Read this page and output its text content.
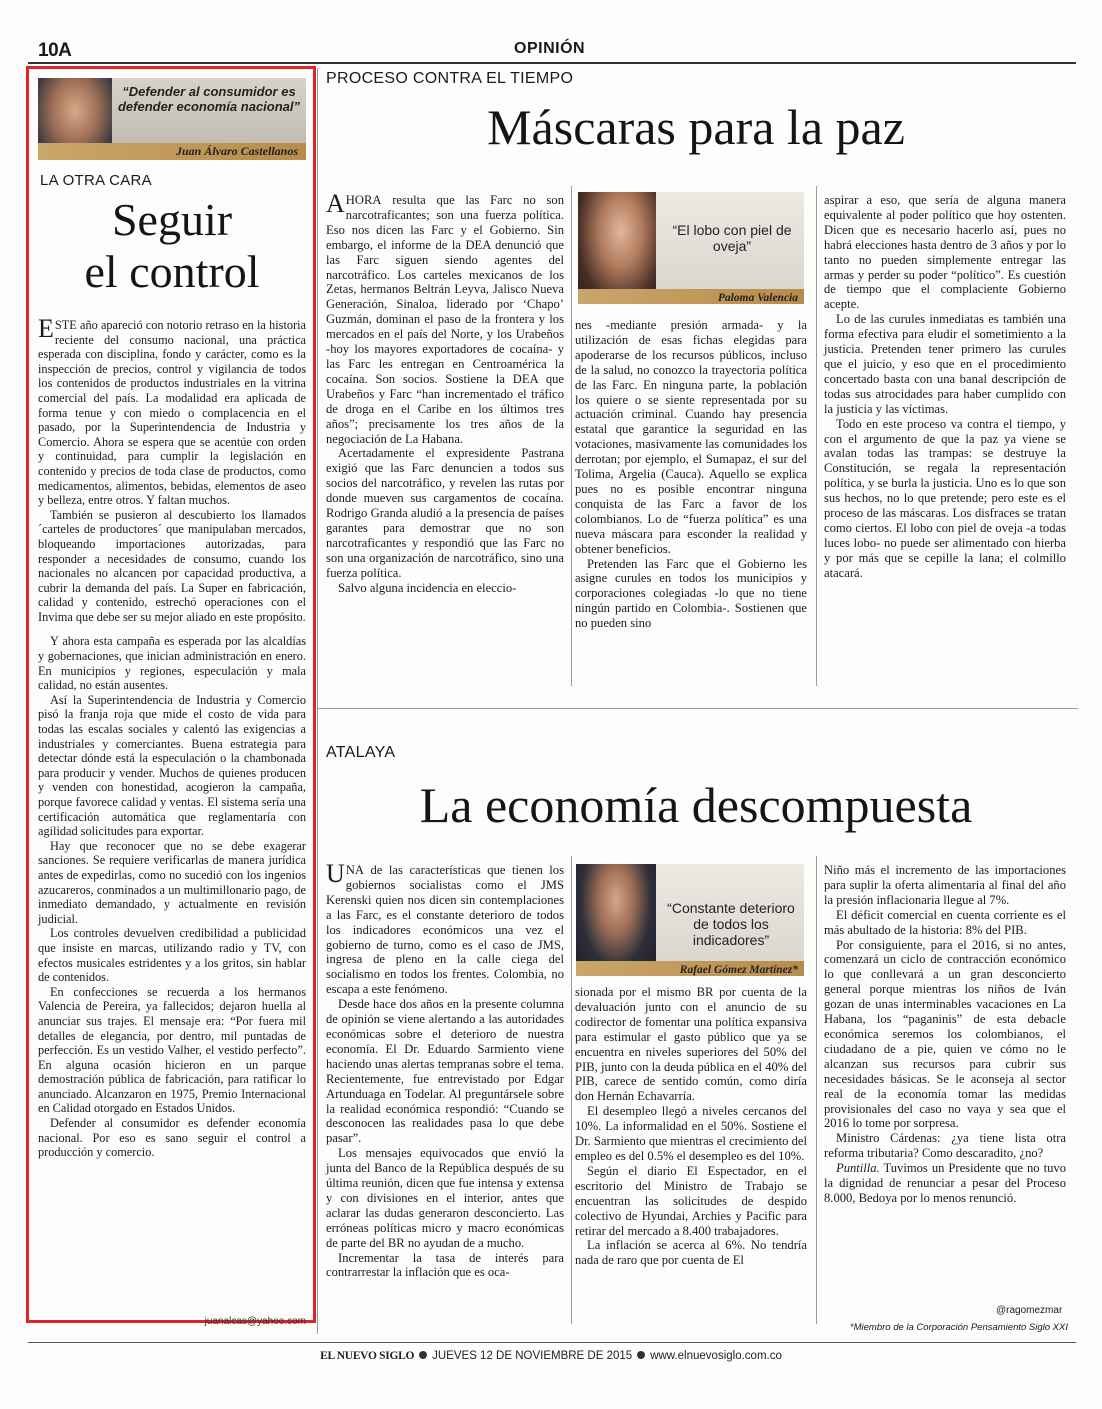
10A	OPINIÓN
“Defender al consumidor es defender economía nacional”
Juan Álvaro Castellanos
LA OTRA CARA
Seguir
el control

ESTE año apareció con notorio retraso en la historia reciente del consumo nacional, una práctica esperada con disciplina, fondo y carácter, como es la inspección de precios, control y vigilancia de todos los contenidos de productos industriales en la vitrina comercial del país. La modalidad era aplicada de forma tenue y con miedo o complacencia en el pasado, por la Superintendencia de Industria y Comercio. Ahora se espera que se acentúe con orden y continuidad, para cumplir la legislación en contenido y precios de toda clase de productos, como medicamentos, alimentos, bebidas, elementos de aseo y belleza, entre otros. Y faltan muchos.

También se pusieron al descubierto los llamados ´carteles de productores´ que manipulaban mercados, bloqueando importaciones autorizadas, para responder a necesidades de consumo, cuando los nacionales no alcancen por capacidad productiva, a cubrir la demanda del país. La Super en fabricación, calidad y contenido, estrechó operaciones con el Invima que debe ser su mejor aliado en este propósito.

Y ahora esta campaña es esperada por las alcaldías y gobernaciones, que inician administración en enero. En municipios y regiones, especulación y mala calidad, no están ausentes.

Así la Superintendencia de Industria y Comercio pisó la franja roja que mide el costo de vida para todas las escalas sociales y calentó las exigencias a industriales y comerciantes. Buena estrategia para detectar dónde está la especulación o la chambonada para producir y vender. Muchos de quienes producen y venden con honestidad, acogieron la campaña, porque favorece calidad y ventas. El sistema sería una certificación automática que reglamentaría con agilidad solicitudes para exportar.

Hay que reconocer que no se debe exagerar sanciones. Se requiere verificarlas de manera jurídica antes de expedirlas, como no sucedió con los ingenios azucareros, conminados a un multimillonario pago, de inmediato demandado, y actualmente en revisión judicial.

Los controles devuelven credibilidad a publicidad que insiste en marcas, utilizando radio y TV, con efectos musicales estridentes y a los gritos, sin hablar de contenidos.

En confecciones se recuerda a los hermanos Valencia de Pereira, ya fallecidos; dejaron huella al anunciar sus trajes. El mensaje era: “Por fuera mil detalles de elegancia, por dentro, mil puntadas de perfección. Es un vestido Valher, el vestido perfecto”. En alguna ocasión hicieron en un parque demostración pública de fabricación, para ratificar lo anunciado. Alcanzaron en 1975, Premio Internacional en Calidad otorgado en Estados Unidos.

Defender al consumidor es defender economía nacional. Por eso es sano seguir el control a producción y comercio.

juanalcas@yahoo.com
PROCESO CONTRA EL TIEMPO
Máscaras para la paz

AHORA resulta que las Farc no son narcotraficantes; son una fuerza política. Eso nos dicen las Farc y el Gobierno. Sin embargo, el informe de la DEA denunció que las Farc siguen siendo agentes del narcotráfico. Los carteles mexicanos de los Zetas, hermanos Beltrán Leyva, Jalisco Nueva Generación, Sinaloa, liderado por ‘Chapo’ Guzmán, dominan el paso de la frontera y los mercados en el país del Norte, y los Urabeños -hoy los mayores exportadores de cocaína- y las Farc les entregan en Centroamérica la cocaína. Son socios. Sostiene la DEA que Urabeños y Farc “han incrementado el tráfico de droga en el Caribe en los últimos tres años”; precisamente los tres años de la negociación de La Habana.

Acertadamente el expresidente Pastrana exigió que las Farc denuncien a todos sus socios del narcotráfico, y revelen las rutas por donde mueven sus cargamentos de cocaína. Rodrigo Granda aludió a la presencia de países garantes para demostrar que no son narcotraficantes y respondió que las Farc no son una organización de narcotráfico, sino una fuerza política.

Salvo alguna incidencia en eleccio-

“El lobo con piel de oveja”
Paloma Valencia

nes -mediante presión armada- y la utilización de esas fichas elegidas para apoderarse de los recursos públicos, incluso de la salud, no conozco la trayectoria política de las Farc. En ninguna parte, la población los quiere o se siente representada por su actuación criminal. Cuando hay presencia estatal que garantice la seguridad en las votaciones, masivamente las comunidades los derrotan; por ejemplo, el Sumapaz, el sur del Tolima, Argelia (Cauca). Aquello se explica pues no es posible encontrar ninguna conquista de las Farc a favor de los colombianos. Lo de “fuerza política” es una nueva máscara para esconder la realidad y obtener beneficios.

Pretenden las Farc que el Gobierno les asigne curules en todos los municipios y corporaciones colegiadas -lo que no tiene ningún partido en Colombia-. Sostienen que no pueden sino

aspirar a eso, que sería de alguna manera equivalente al poder político que hoy ostenten. Dicen que es necesario hacerlo así, pues no habrá elecciones hasta dentro de 3 años y por lo tanto no pueden simplemente entregar las armas y perder su poder “político”. Es cuestión de tiempo que el complaciente Gobierno acepte.

Lo de las curules inmediatas es también una forma efectiva para eludir el sometimiento a la justicia. Pretenden tener primero las curules que el juicio, y eso que en el procedimiento concertado basta con una banal descripción de todas sus atrocidades para haber cumplido con la justicia y las víctimas.

Todo en este proceso va contra el tiempo, y con el argumento de que la paz ya viene se avalan todas las trampas: se destruye la Constitución, se regala la representación política, y se burla la justicia. Uno es lo que son sus hechos, no lo que pretende; pero este es el proceso de las máscaras. Los disfraces se tratan como ciertos. El lobo con piel de oveja -a todas luces lobo- no puede ser alimentado con hierba y por más que se cepille la lana; el colmillo atacará.

ATALAYA
La economía descompuesta

UNA de las características que tienen los gobiernos socialistas como el JMS Kerenski quien nos dicen sin contemplaciones a las Farc, es el constante deterioro de todos los indicadores económicos una vez el gobierno de turno, como es el caso de JMS, ingresa de pleno en la calle ciega del socialismo en todos los frentes. Colombia, no escapa a este fenómeno.

Desde hace dos años en la presente columna de opinión se viene alertando a las autoridades económicas sobre el deterioro de nuestra economía. El Dr. Eduardo Sarmiento viene haciendo unas alertas tempranas sobre el tema. Recientemente, fue entrevistado por Edgar Artunduaga en Todelar. Al preguntársele sobre la realidad económica respondió: “Cuando se desconocen las realidades pasa lo que debe pasar”.

Los mensajes equivocados que envió la junta del Banco de la República después de su última reunión, dicen que fue intensa y extensa y con divisiones en el interior, antes que aclarar las dudas generaron desconcierto. Las erróneas políticas micro y macro económicas de parte del BR no ayudan de a mucho.

Incrementar la tasa de interés para contrarrestar la inflación que es oca-

“Constante deterioro de todos los indicadores”
Rafael Gómez Martínez*

sionada por el mismo BR por cuenta de la devaluación junto con el anuncio de su codirector de fomentar una política expansiva para estimular el gasto público que ya se encuentra en niveles superiores del 50% del PIB, junto con la deuda pública en el 40% del PIB, carece de sentido común, como diría don Hernán Echavarría.

El desempleo llegó a niveles cercanos del 10%. La informalidad en el 50%. Sostiene el Dr. Sarmiento que mientras el crecimiento del empleo es del 0.5% el desempleo es del 10%.

Según el diario El Espectador, en el escritorio del Ministro de Trabajo se encuentran las solicitudes de despido colectivo de Hyundai, Archies y Pacific para retirar del mercado a 8.400 trabajadores.

La inflación se acerca al 6%. No tendría nada de raro que por cuenta de El

Niño más el incremento de las importaciones para suplir la oferta alimentaria al final del año la presión inflacionaria llegue al 7%.

El déficit comercial en cuenta corriente es el más abultado de la historia: 8% del PIB.

Por consiguiente, para el 2016, si no antes, comenzará un ciclo de contracción económico lo que conllevará a un gran desconcierto general porque mientras los niños de Iván gozan de unas interminables vacaciones en La Habana, los “paganinis” de esta debacle económica seremos los colombianos, el ciudadano de a pie, quien ve cómo no le alcanzan sus recursos para cubrir sus necesidades básicas. Se le aconseja al sector real de la economía tomar las medidas provisionales del caso no vaya y sea que el 2016 lo tome por sorpresa.

Ministro Cárdenas: ¿ya tiene lista otra reforma tributaria? Como descaradito, ¿no?

Puntilla. Tuvimos un Presidente que no tuvo la dignidad de renunciar a pesar del Proceso 8.000, Bedoya por lo menos renunció.

@ragomezmar
*Miembro de la Corporación Pensamiento Siglo XXI
EL NUEVO SIGLO JUEVES 12 DE NOVIEMBRE DE 2015 www.elnuevosiglo.com.co
